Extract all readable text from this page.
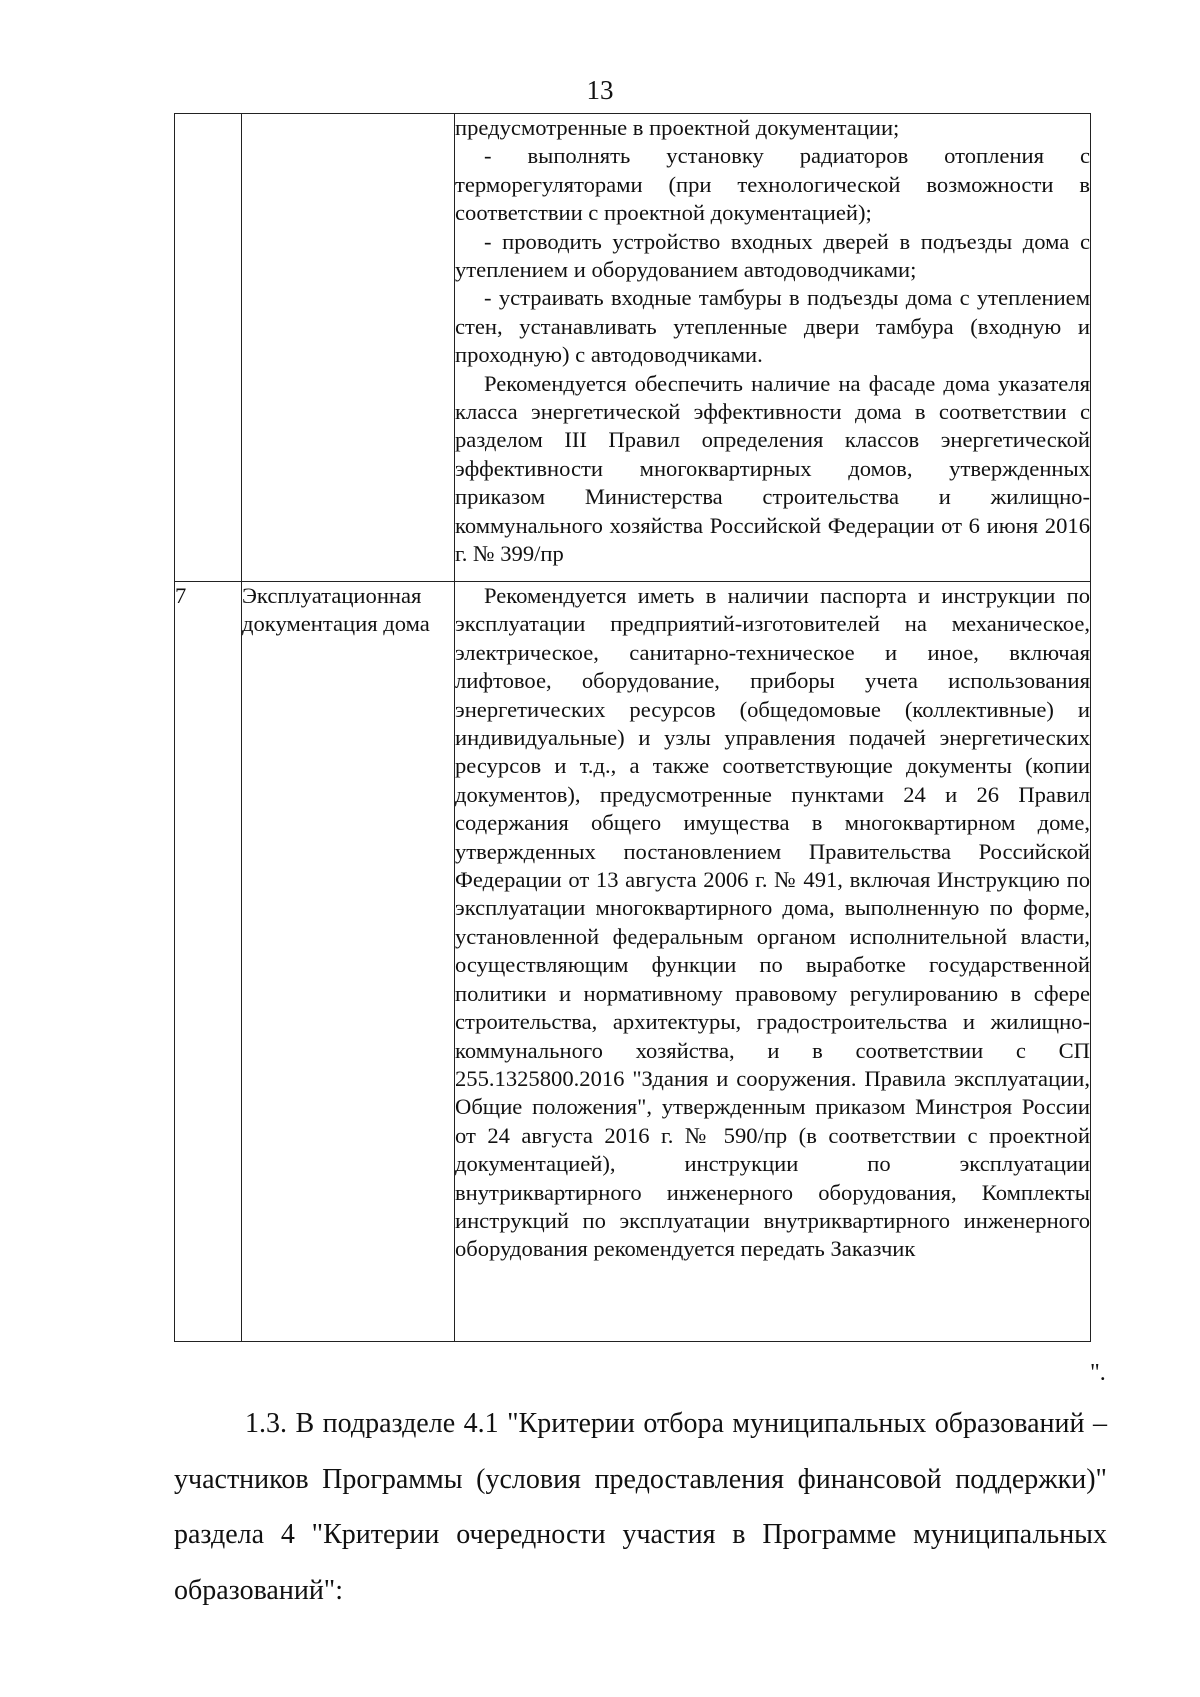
13

		предусмотренные в проектной документации;

- выполнять установку радиаторов отопления с терморегуляторами (при технологической возможности в соответствии с проектной документацией);

- проводить устройство входных дверей в подъезды дома с утеплением и оборудованием автодоводчиками;

- устраивать входные тамбуры в подъезды дома с утеплением стен, устанавливать утепленные двери тамбура (входную и проходную) с автодоводчиками.

Рекомендуется обеспечить наличие на фасаде дома указателя класса энергетической эффективности дома в соответствии с разделом III Правил определения классов энергетической эффективности многоквартирных домов, утвержденных приказом Министерства строительства и жилищно-коммунального хозяйства Российской Федерации от 6 июня 2016 г. № 399/пр

7	Эксплуатационная документация дома	Рекомендуется иметь в наличии паспорта и инструкции по эксплуатации предприятий-изготовителей на механическое, электрическое, санитарно-техническое и иное, включая лифтовое, оборудование, приборы учета использования энергетических ресурсов (общедомовые (коллективные) и индивидуальные) и узлы управления подачей энергетических ресурсов и т.д., а также соответствующие документы (копии документов), предусмотренные пунктами 24 и 26 Правил содержания общего имущества в многоквартирном доме, утвержденных постановлением Правительства Российской Федерации от 13 августа 2006 г. № 491, включая Инструкцию по эксплуатации многоквартирного дома, выполненную по форме, установленной федеральным органом исполнительной власти, осуществляющим функции по выработке государственной политики и нормативному правовому регулированию в сфере строительства, архитектуры, градостроительства и жилищно-коммунального хозяйства, и в соответствии с СП 255.1325800.2016 "Здания и сооружения. Правила эксплуатации, Общие положения", утвержденным приказом Минстроя России от 24 августа 2016 г. № 590/пр (в соответствии с проектной документацией), инструкции по эксплуатации внутриквартирного инженерного оборудования, Комплекты инструкций по эксплуатации внутриквартирного инженерного оборудования рекомендуется передать Заказчик

".

1.3. В подразделе 4.1 "Критерии отбора муниципальных образований – участников Программы (условия предоставления финансовой поддержки)" раздела 4 "Критерии очередности участия в Программе муниципальных образований":
